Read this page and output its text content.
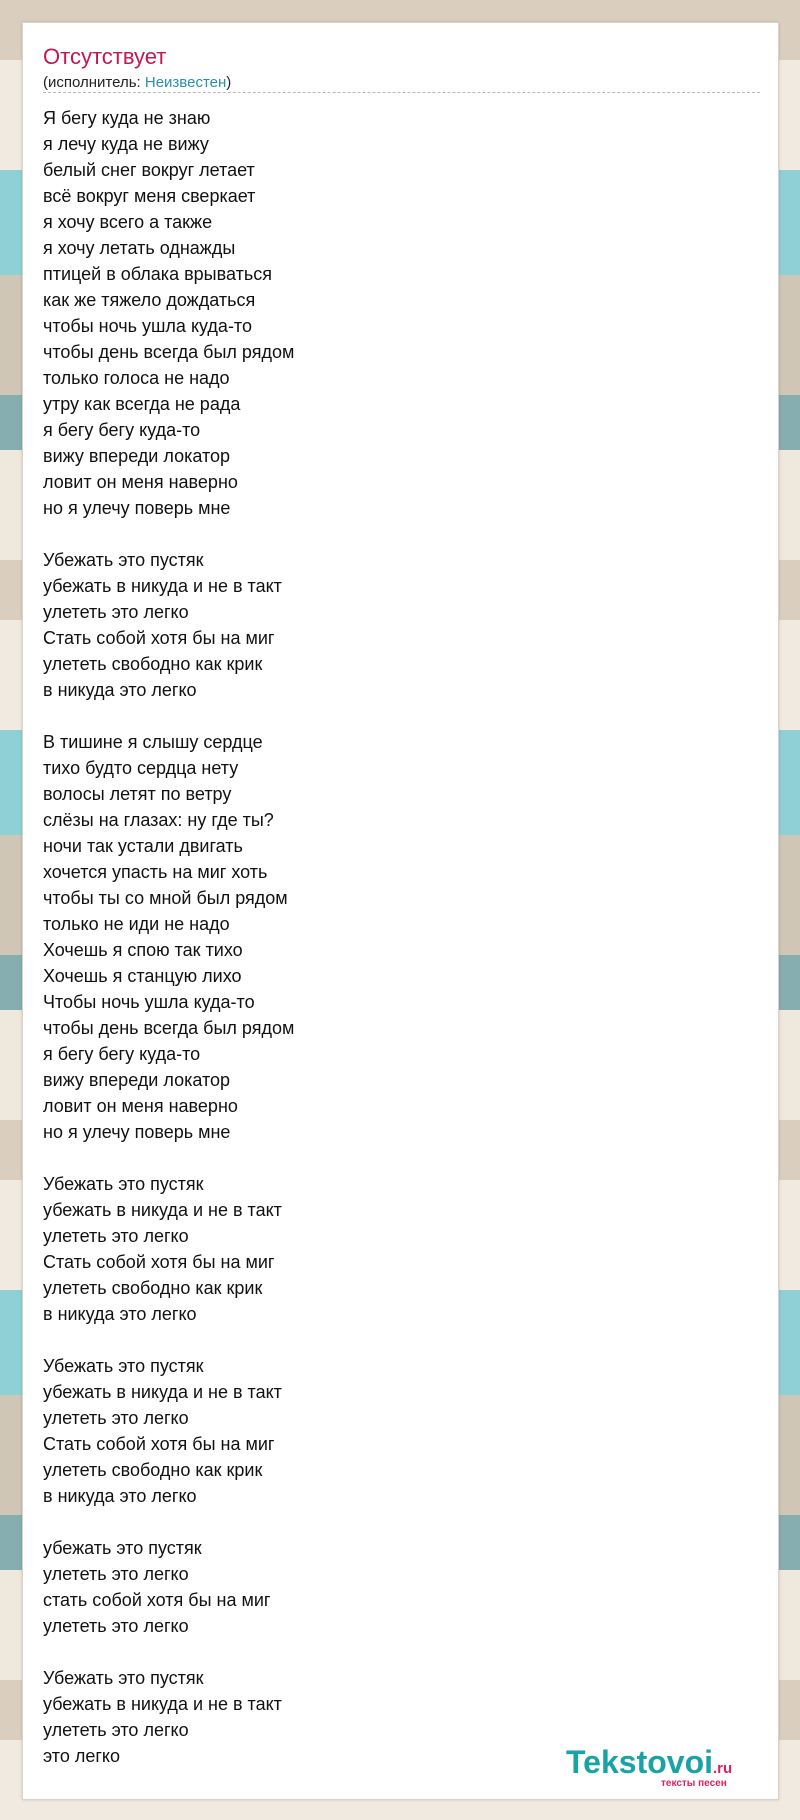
Отсутствует
(исполнитель: Неизвестен)
Я бегу куда не знаю
я лечу куда не вижу
белый снег вокруг летает
всё вокруг меня сверкает
я хочу всего а также
я хочу летать однажды
птицей в облака врываться
как же тяжело дождаться
чтобы ночь ушла куда-то
чтобы день всегда был рядом
только голоса не надо
утру как всегда не рада
я бегу бегу куда-то
вижу впереди локатор
ловит он меня наверно
но я улечу поверь мне
Убежать это пустяк
убежать в никуда и не в такт
улететь это легко
Стать собой хотя бы на миг
улететь свободно как крик
в никуда это легко
В тишине я слышу сердце
тихо будто сердца нету
волосы летят по ветру
слёзы на глазах: ну где ты?
ночи так устали двигать
хочется упасть на миг хоть
чтобы ты со мной был рядом
только не иди не надо
Хочешь я спою так тихо
Хочешь я станцую лихо
Чтобы ночь ушла куда-то
чтобы день всегда был рядом
я бегу бегу куда-то
вижу впереди локатор
ловит он меня наверно
но я улечу поверь мне
Убежать это пустяк
убежать в никуда и не в такт
улететь это легко
Стать собой хотя бы на миг
улететь свободно как крик
в никуда это легко
Убежать это пустяк
убежать в никуда и не в такт
улететь это легко
Стать собой хотя бы на миг
улететь свободно как крик
в никуда это легко
убежать это пустяк
улететь это легко
стать собой хотя бы на миг
улететь это легко
Убежать это пустяк
убежать в никуда и не в такт
улететь это легко
это легко	Tekstovoi.ru
тексты песен
